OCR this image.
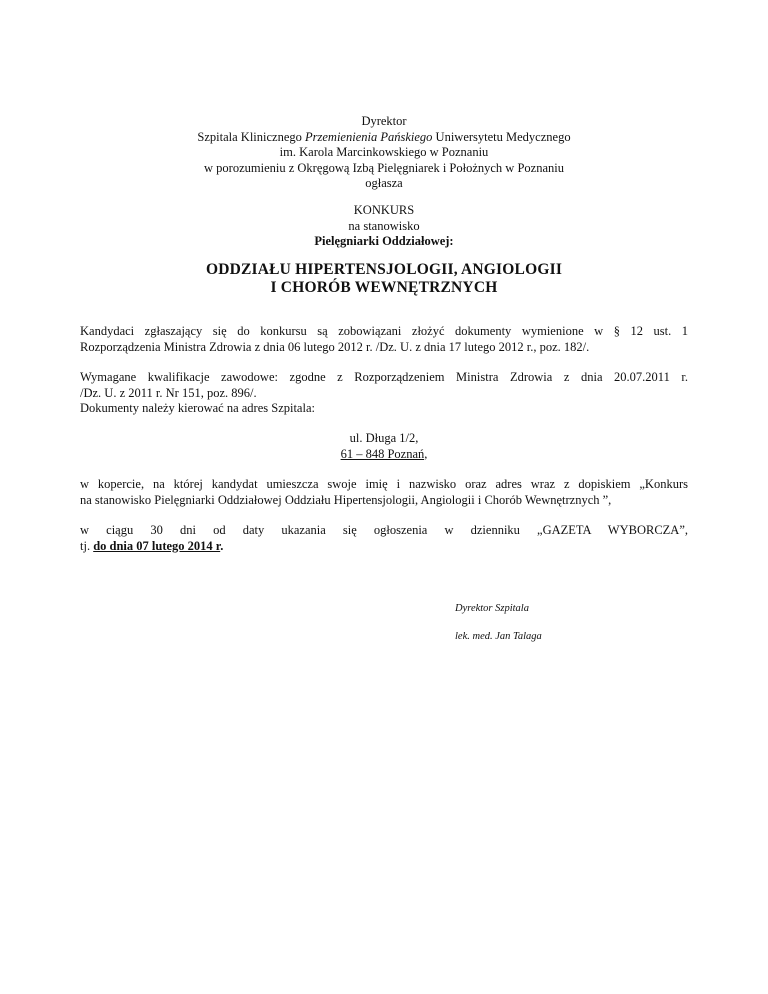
Dyrektor
Szpitala Klinicznego Przemienienia Pańskiego Uniwersytetu Medycznego
im. Karola Marcinkowskiego w Poznaniu
w porozumieniu z Okręgową Izbą Pielęgniarek i Położnych w Poznaniu
ogłasza
KONKURS
na stanowisko
Pielęgniarki Oddziałowej:
ODDZIAŁU HIPERTENSJOLOGII, ANGIOLOGII
I CHORÓB WEWNĘTRZNYCH
Kandydaci zgłaszający się do konkursu są zobowiązani złożyć dokumenty wymienione w § 12 ust. 1
Rozporządzenia Ministra Zdrowia z dnia 06 lutego 2012 r. /Dz. U. z dnia 17 lutego 2012 r., poz. 182/.
Wymagane kwalifikacje zawodowe: zgodne z Rozporządzeniem Ministra Zdrowia z dnia 20.07.2011 r.
/Dz. U. z 2011 r. Nr 151, poz. 896/.
Dokumenty należy kierować na adres Szpitala:
ul. Długa 1/2,
61 – 848 Poznań,
w kopercie, na której kandydat umieszcza swoje imię i nazwisko oraz adres wraz z dopiskiem „Konkurs
na stanowisko Pielęgniarki Oddziałowej Oddziału Hipertensjologii, Angiologii i Chorób Wewnętrznych ”,
w ciągu 30 dni od daty ukazania się ogłoszenia w dzienniku „GAZETA WYBORCZA”,
tj. do dnia 07 lutego 2014 r.
Dyrektor Szpitala
lek. med. Jan Talaga
